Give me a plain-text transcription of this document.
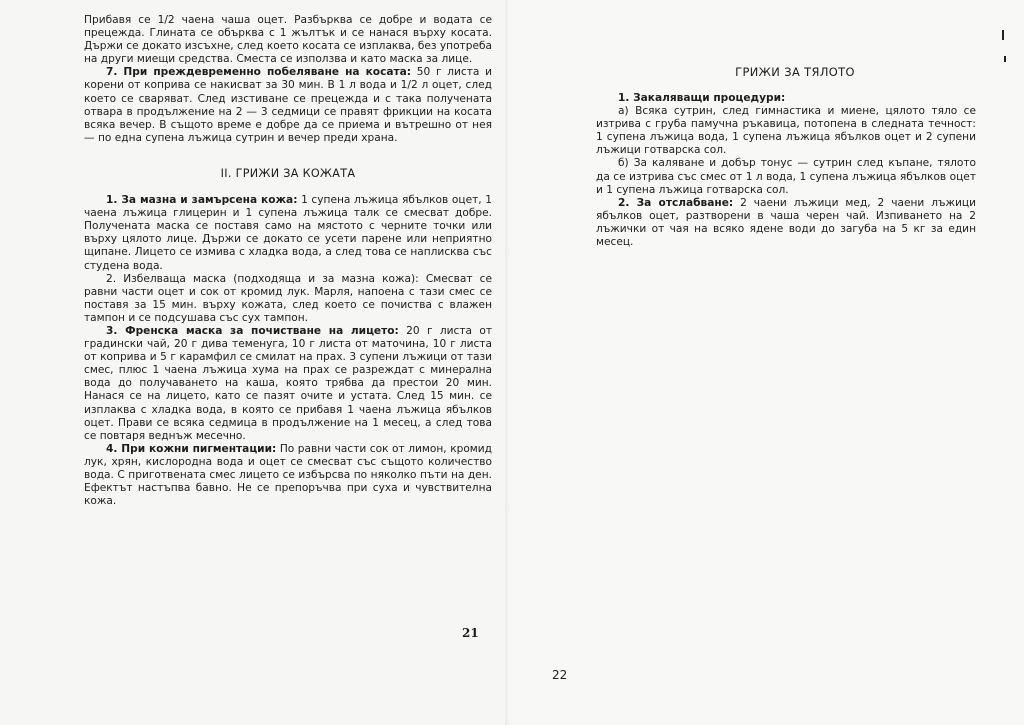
Прибавя се 1/2 чаена чаша оцет. Разбърква се добре и водата се прецежда. Глината се обърква с 1 жълтък и се нанася върху косата. Държи се докато изсъхне, след което косата се изплаква, без употреба на други миещи средства. Сместа се използва и като маска за лице.

7. При преждевременно побеляване на косата: 50 г листа и корени от коприва се накисват за 30 мин. В 1 л вода и 1/2 л оцет, след което се сваряват. След изстиване се прецежда и с така получената отвара в продължение на 2 — 3 седмици се правят фрикции на косата всяка вечер. В същото време е добре да се приема и вътрешно от нея — по една супена лъжица сутрин и вечер преди храна.

II. ГРИЖИ ЗА КОЖАТА

1. За мазна и замърсена кожа: 1 супена лъжица ябълков оцет, 1 чаена лъжица глицерин и 1 супена лъжица талк се смесват добре. Получената маска се поставя само на мястото с черните точки или върху цялото лице. Държи се докато се усети парене или неприятно щипане. Лицето се измива с хладка вода, а след това се наплисква със студена вода.

2. Избелваща маска (подходяща и за мазна кожа): Смесват се равни части оцет и сок от кромид лук. Марля, напоена с тази смес се поставя за 15 мин. върху кожата, след което се почиства с влажен тампон и се подсушава със сух тампон.

3. Френска маска за почистване на лицето: 20 г листа от градински чай, 20 г дива теменуга, 10 г листа от маточина, 10 г листа от коприва и 5 г карамфил се смилат на прах. 3 супени лъжици от тази смес, плюс 1 чаена лъжица хума на прах се разреждат с минерална вода до получаването на каша, която трябва да престои 20 мин. Нанася се на лицето, като се пазят очите и устата. След 15 мин. се изплаква с хладка вода, в която се прибавя 1 чаена лъжица ябълков оцет. Прави се всяка седмица в продължение на 1 месец, а след това се повтаря веднъж месечно.

4. При кожни пигментации: По равни части сок от лимон, кромид лук, хрян, кислородна вода и оцет се смесват със същото количество вода. С приготвената смес лицето се избърсва по няколко пъти на ден. Ефектът настъпва бавно. Не се препоръчва при суха и чувствителна кожа.

21
ГРИЖИ ЗА ТЯЛОТО

1. Закаляващи процедури:

а) Всяка сутрин, след гимнастика и миене, цялото тяло се изтрива с груба памучна ръкавица, потопена в следната течност: 1 супена лъжица вода, 1 супена лъжица ябълков оцет и 2 супени лъжици готварска сол.

б) За каляване и добър тонус — сутрин след къпане, тялото да се изтрива със смес от 1 л вода, 1 супена лъжица ябълков оцет и 1 супена лъжица готварска сол.

2. За отслабване: 2 чаени лъжици мед, 2 чаени лъжици ябълков оцет, разтворени в чаша черен чай. Изпиването на 2 лъжички от чая на всяко ядене води до загуба на 5 кг за един месец.

22
